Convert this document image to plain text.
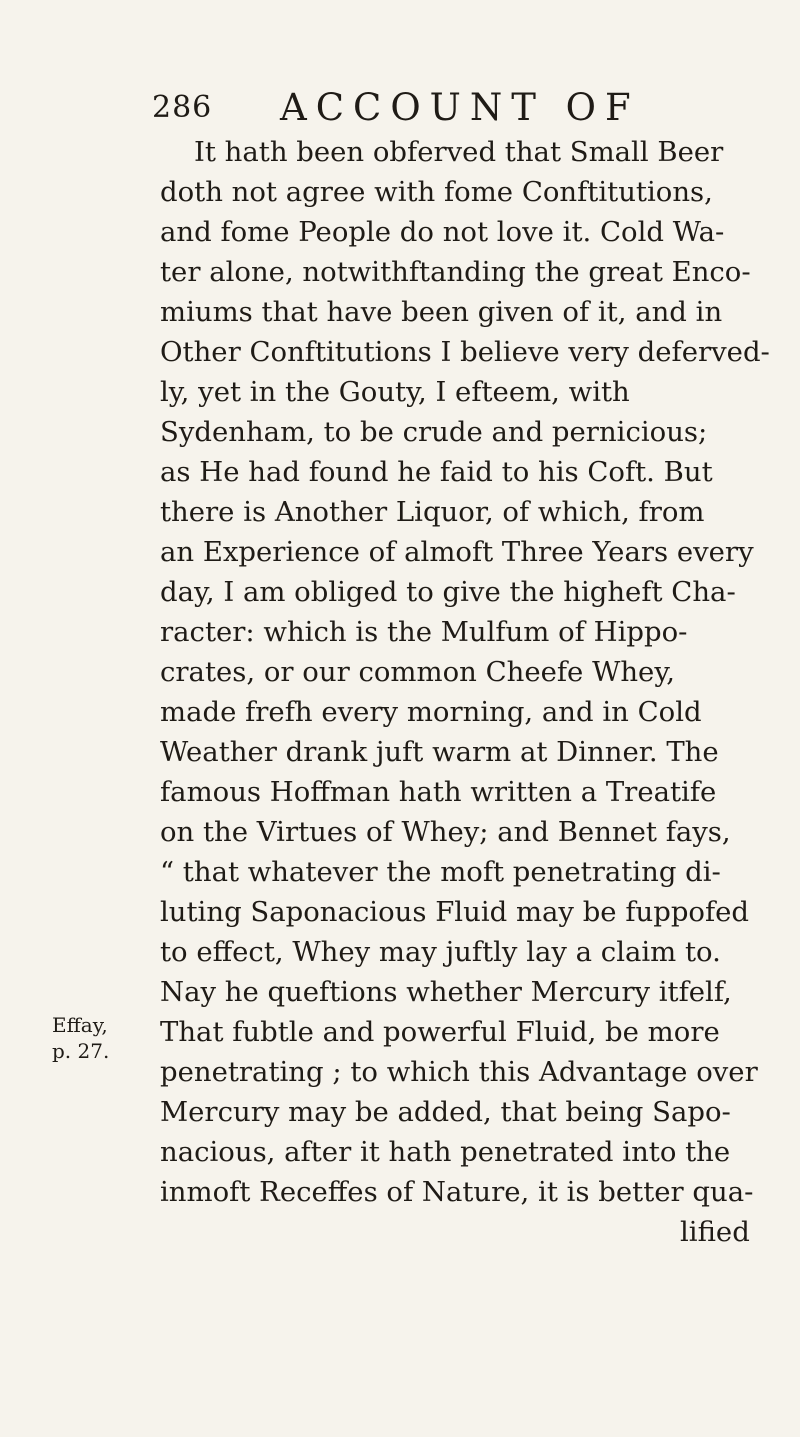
286 ACCOUNT OF
Effay,
p. 27.
It hath been obferved that Small Beer
doth not agree with fome Conftitutions,
and fome People do not love it. Cold Wa-
ter alone, notwithftanding the great Enco-
miums that have been given of it, and in
Other Conftitutions I believe very deferved-
ly, yet in the Gouty, I efteem, with
Sydenham, to be crude and pernicious;
as He had found he faid to his Coft. But
there is Another Liquor, of which, from
an Experience of almoft Three Years every
day, I am obliged to give the higheft Cha-
racter: which is the Mulfum of Hippo-
crates, or our common Cheefe Whey,
made frefh every morning, and in Cold
Weather drank juft warm at Dinner. The
famous Hoffman hath written a Treatife
on the Virtues of Whey; and Bennet fays,
“ that whatever the moft penetrating di-
luting Saponacious Fluid may be fuppofed
to effect, Whey may juftly lay a claim to.
Nay he queftions whether Mercury itfelf,
That fubtle and powerful Fluid, be more
penetrating ; to which this Advantage over
Mercury may be added, that being Sapo-
nacious, after it hath penetrated into the
inmoft Receffes of Nature, it is better qua-
lified
